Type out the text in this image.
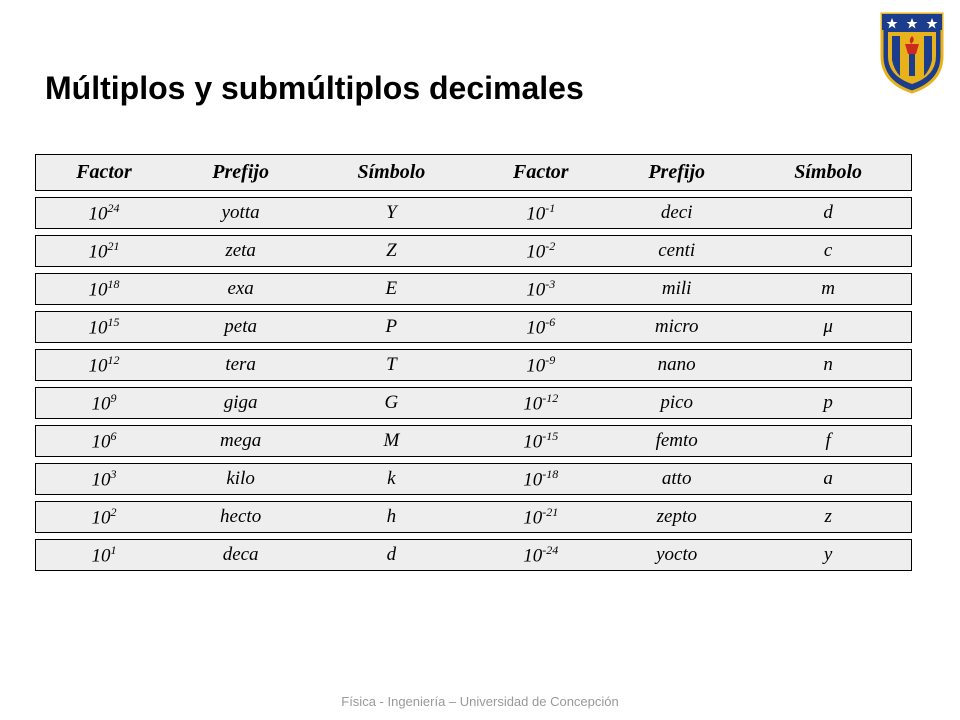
Múltiplos y submúltiplos decimales
Factor	Prefijo	Símbolo	Factor	Prefijo	Símbolo
$10^{24}$	yotta	Y	$10^{-1}$	deci	d
$10^{21}$	zeta	Z	$10^{-2}$	centi	c
$10^{18}$	exa	E	$10^{-3}$	mili	m
$10^{15}$	peta	P	$10^{-6}$	micro	μ
$10^{12}$	tera	T	$10^{-9}$	nano	n
$10^9$	giga	G	$10^{-12}$	pico	p
$10^6$	mega	M	$10^{-15}$	femto	f
$10^3$	kilo	k	$10^{-18}$	atto	a
$10^2$	hecto	h	$10^{-21}$	zepto	z
$10^1$	deca	d	$10^{-24}$	yocto	y
Física - Ingeniería – Universidad de Concepción
